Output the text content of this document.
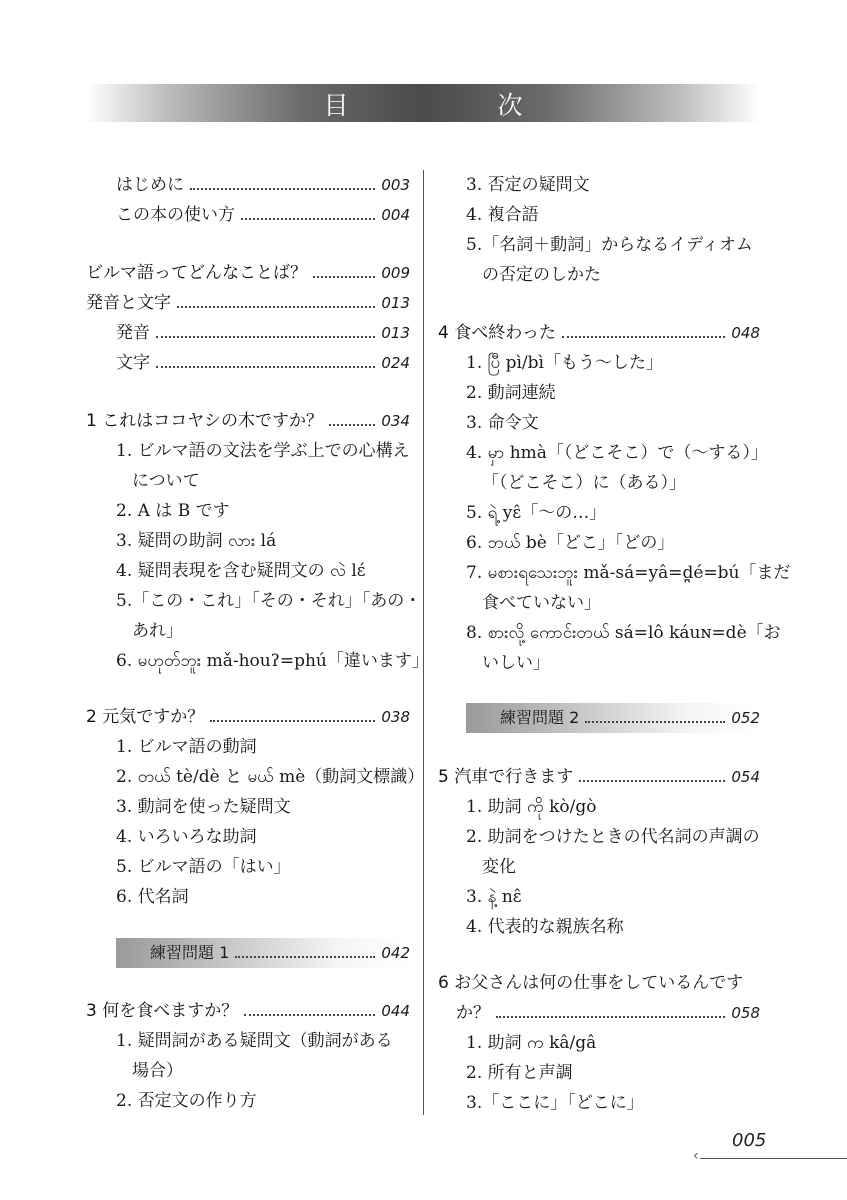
目　次
はじめに	003
この本の使い方	004
ビルマ語ってどんなことば？	009
発音と文字	013
発音	013
文字	024
1 これはココヤシの木ですか？	034
1. ビルマ語の文法を学ぶ上での心構え
について
2. A は B です
3. 疑問の助詞 လား lá
4. 疑問表現を含む疑問文の လဲ lɛ́
5.「この・これ」「その・それ」「あの・
あれ」
6. မဟုတ်ဘူး mǎ-houʔ=phú「違います」
2 元気ですか？	038
1. ビルマ語の動詞
2. တယ် tè/dè と မယ် mè（動詞文標識）
3. 動詞を使った疑問文
4. いろいろな助詞
5. ビルマ語の「はい」
6. 代名詞
練習問題 1	042
3 何を食べますか？	044
1. 疑問詞がある疑問文（動詞がある
場合）
2. 否定文の作り方
3. 否定の疑問文
4. 複合語
5.「名詞＋動詞」からなるイディオム
の否定のしかた
4 食べ終わった	048
1. ပြီ pì/bì「もう～した」
2. 動詞連続
3. 命令文
4. မှာ hmà「（どこそこ）で（～する）」
「（どこそこ）に（ある）」
5. ရဲ့ yɛ̂「～の…」
6. ဘယ် bè「どこ」「どの」
7. မစားရသေးဘူး mǎ-sá=yâ=d̪é=bú「まだ
食べていない」
8. စားလို့ ကောင်းတယ် sá=lô káuɴ=dè「お
いしい」
練習問題 2	052
5 汽車で行きます	054
1. 助詞 ကို kò/gò
2. 助詞をつけたときの代名詞の声調の
変化
3. နဲ့ nɛ̂
4. 代表的な親族名称
6 お父さんは何の仕事をしているんです
か？	058
1. 助詞 က kâ/gâ
2. 所有と声調
3.「ここに」「どこに」
005
‹
